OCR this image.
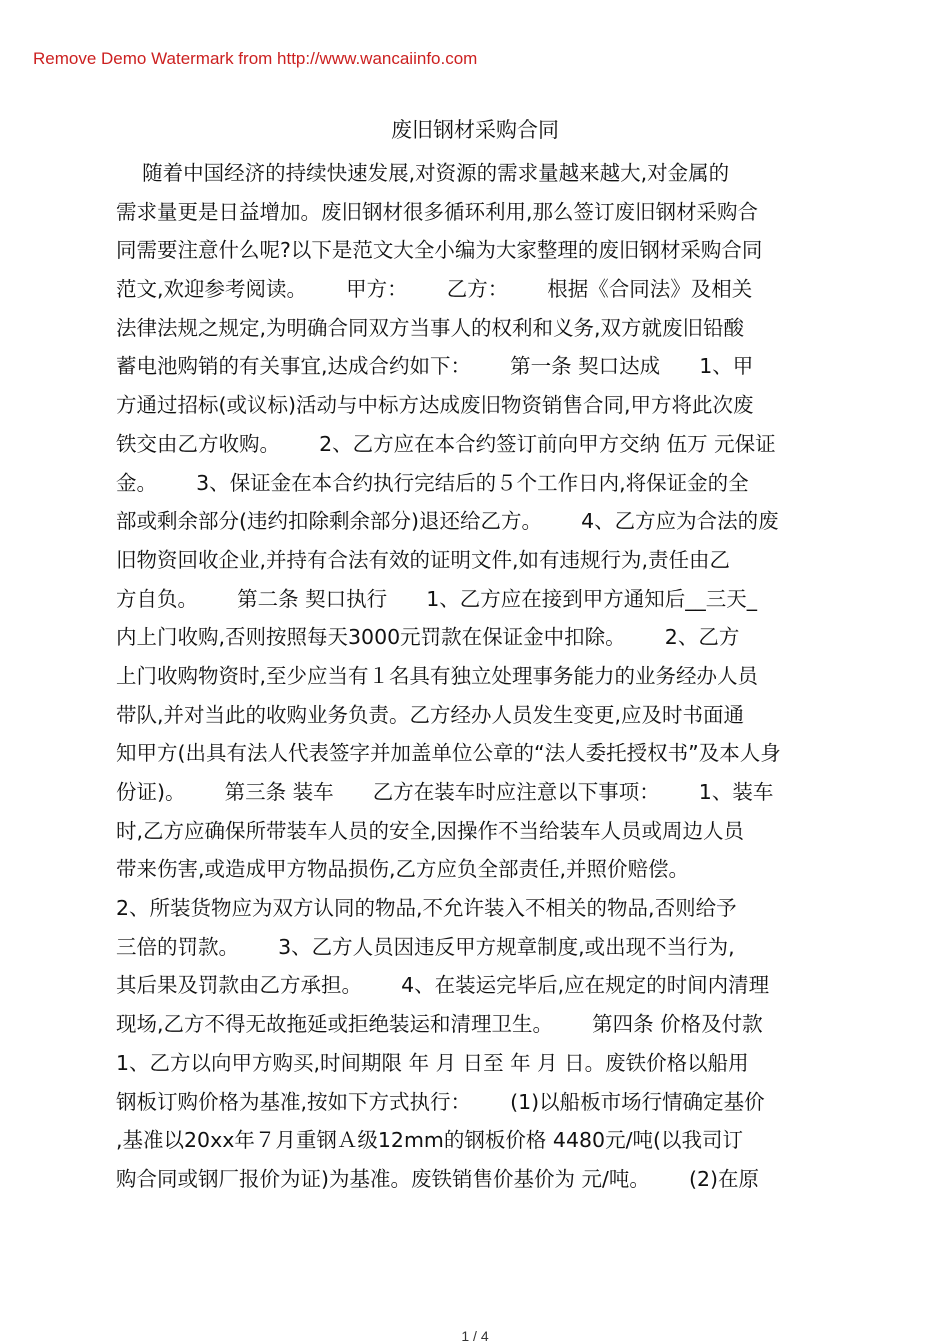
Remove Demo Watermark from http://www.wancaiinfo.com
废旧钢材采购合同
随着中国经济的持续快速发展,对资源的需求量越来越大,对金属的
需求量更是日益增加。废旧钢材很多循环利用,那么签订废旧钢材采购合
同需要注意什么呢?以下是范文大全小编为大家整理的废旧钢材采购合同
范文,欢迎参考阅读。      甲方：      乙方：      根据《合同法》及相关
法律法规之规定,为明确合同双方当事人的权利和义务,双方就废旧铅酸
蓄电池购销的有关事宜,达成合约如下：      第一条 契口达成      1、甲
方通过招标(或议标)活动与中标方达成废旧物资销售合同,甲方将此次废
铁交由乙方收购。      2、乙方应在本合约签订前向甲方交纳 伍万 元保证
金。      3、保证金在本合约执行完结后的５个工作日内,将保证金的全
部或剩余部分(违约扣除剩余部分)退还给乙方。      4、乙方应为合法的废
旧物资回收企业,并持有合法有效的证明文件,如有违规行为,责任由乙
方自负。      第二条 契口执行      1、乙方应在接到甲方通知后__三天_
内上门收购,否则按照每天3000元罚款在保证金中扣除。      2、乙方
上门收购物资时,至少应当有１名具有独立处理事务能力的业务经办人员
带队,并对当此的收购业务负责。乙方经办人员发生变更,应及时书面通
知甲方(出具有法人代表签字并加盖单位公章的“法人委托授权书”及本人身
份证)。      第三条 装车      乙方在装车时应注意以下事项：      1、装车
时,乙方应确保所带装车人员的安全,因操作不当给装车人员或周边人员
带来伤害,或造成甲方物品损伤,乙方应负全部责任,并照价赔偿。
2、所装货物应为双方认同的物品,不允许装入不相关的物品,否则给予
三倍的罚款。      3、乙方人员因违反甲方规章制度,或出现不当行为,
其后果及罚款由乙方承担。      4、在装运完毕后,应在规定的时间内清理
现场,乙方不得无故拖延或拒绝装运和清理卫生。      第四条 价格及付款
1、乙方以向甲方购买,时间期限 年 月 日至 年 月 日。废铁价格以船用
钢板订购价格为基准,按如下方式执行：      (1)以船板市场行情确定基价
,基准以20xx年７月重钢Ａ级12mm的钢板价格 4480元/吨(以我司订
购合同或钢厂报价为证)为基准。废铁销售价基价为 元/吨。      (2)在原
1 / 4
